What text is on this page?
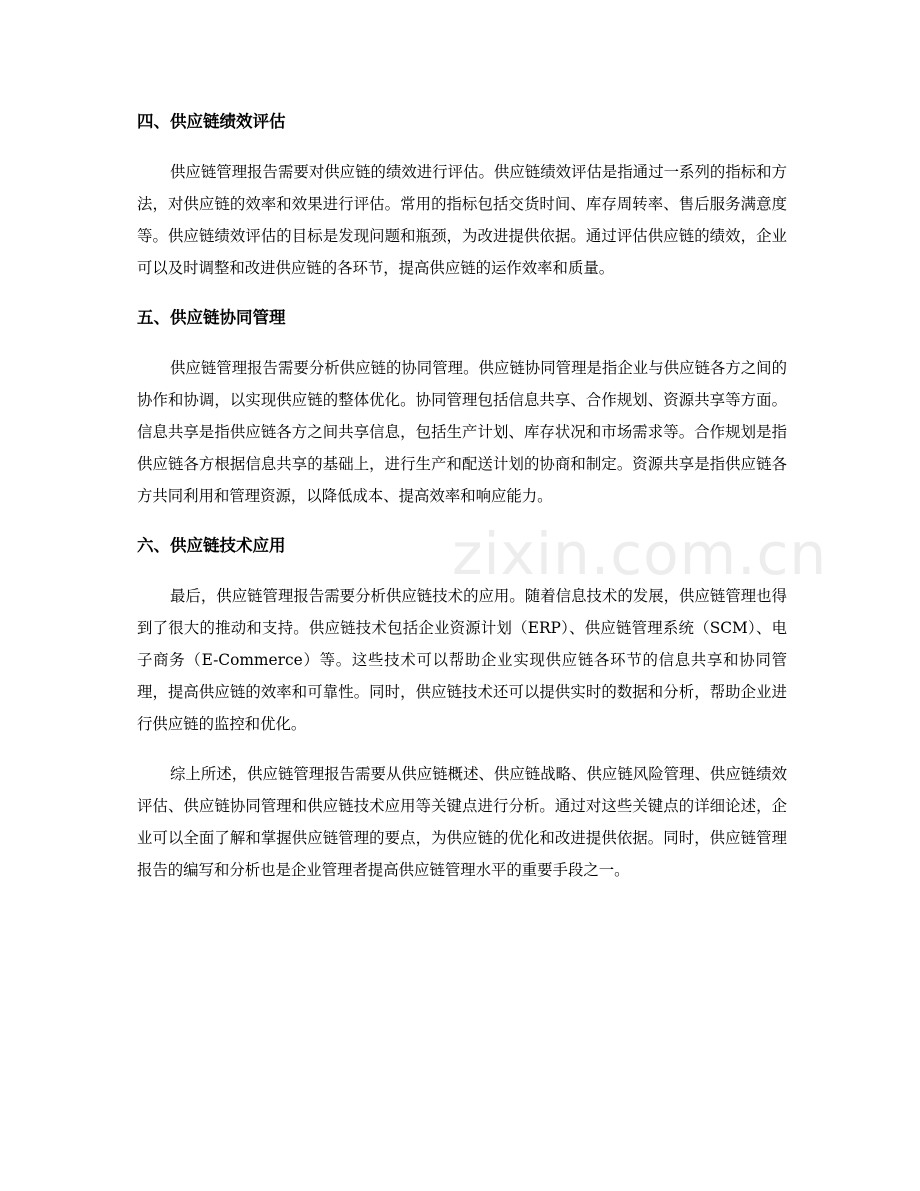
四、供应链绩效评估

供应链管理报告需要对供应链的绩效进行评估。供应链绩效评估是指通过一系列的指标和方法，对供应链的效率和效果进行评估。常用的指标包括交货时间、库存周转率、售后服务满意度等。供应链绩效评估的目标是发现问题和瓶颈，为改进提供依据。通过评估供应链的绩效，企业可以及时调整和改进供应链的各环节，提高供应链的运作效率和质量。

五、供应链协同管理

供应链管理报告需要分析供应链的协同管理。供应链协同管理是指企业与供应链各方之间的协作和协调，以实现供应链的整体优化。协同管理包括信息共享、合作规划、资源共享等方面。信息共享是指供应链各方之间共享信息，包括生产计划、库存状况和市场需求等。合作规划是指供应链各方根据信息共享的基础上，进行生产和配送计划的协商和制定。资源共享是指供应链各方共同利用和管理资源，以降低成本、提高效率和响应能力。

六、供应链技术应用

最后，供应链管理报告需要分析供应链技术的应用。随着信息技术的发展，供应链管理也得到了很大的推动和支持。供应链技术包括企业资源计划（ERP）、供应链管理系统（SCM）、电子商务（E-Commerce）等。这些技术可以帮助企业实现供应链各环节的信息共享和协同管理，提高供应链的效率和可靠性。同时，供应链技术还可以提供实时的数据和分析，帮助企业进行供应链的监控和优化。

综上所述，供应链管理报告需要从供应链概述、供应链战略、供应链风险管理、供应链绩效评估、供应链协同管理和供应链技术应用等关键点进行分析。通过对这些关键点的详细论述，企业可以全面了解和掌握供应链管理的要点，为供应链的优化和改进提供依据。同时，供应链管理报告的编写和分析也是企业管理者提高供应链管理水平的重要手段之一。

zixin.com.cn
